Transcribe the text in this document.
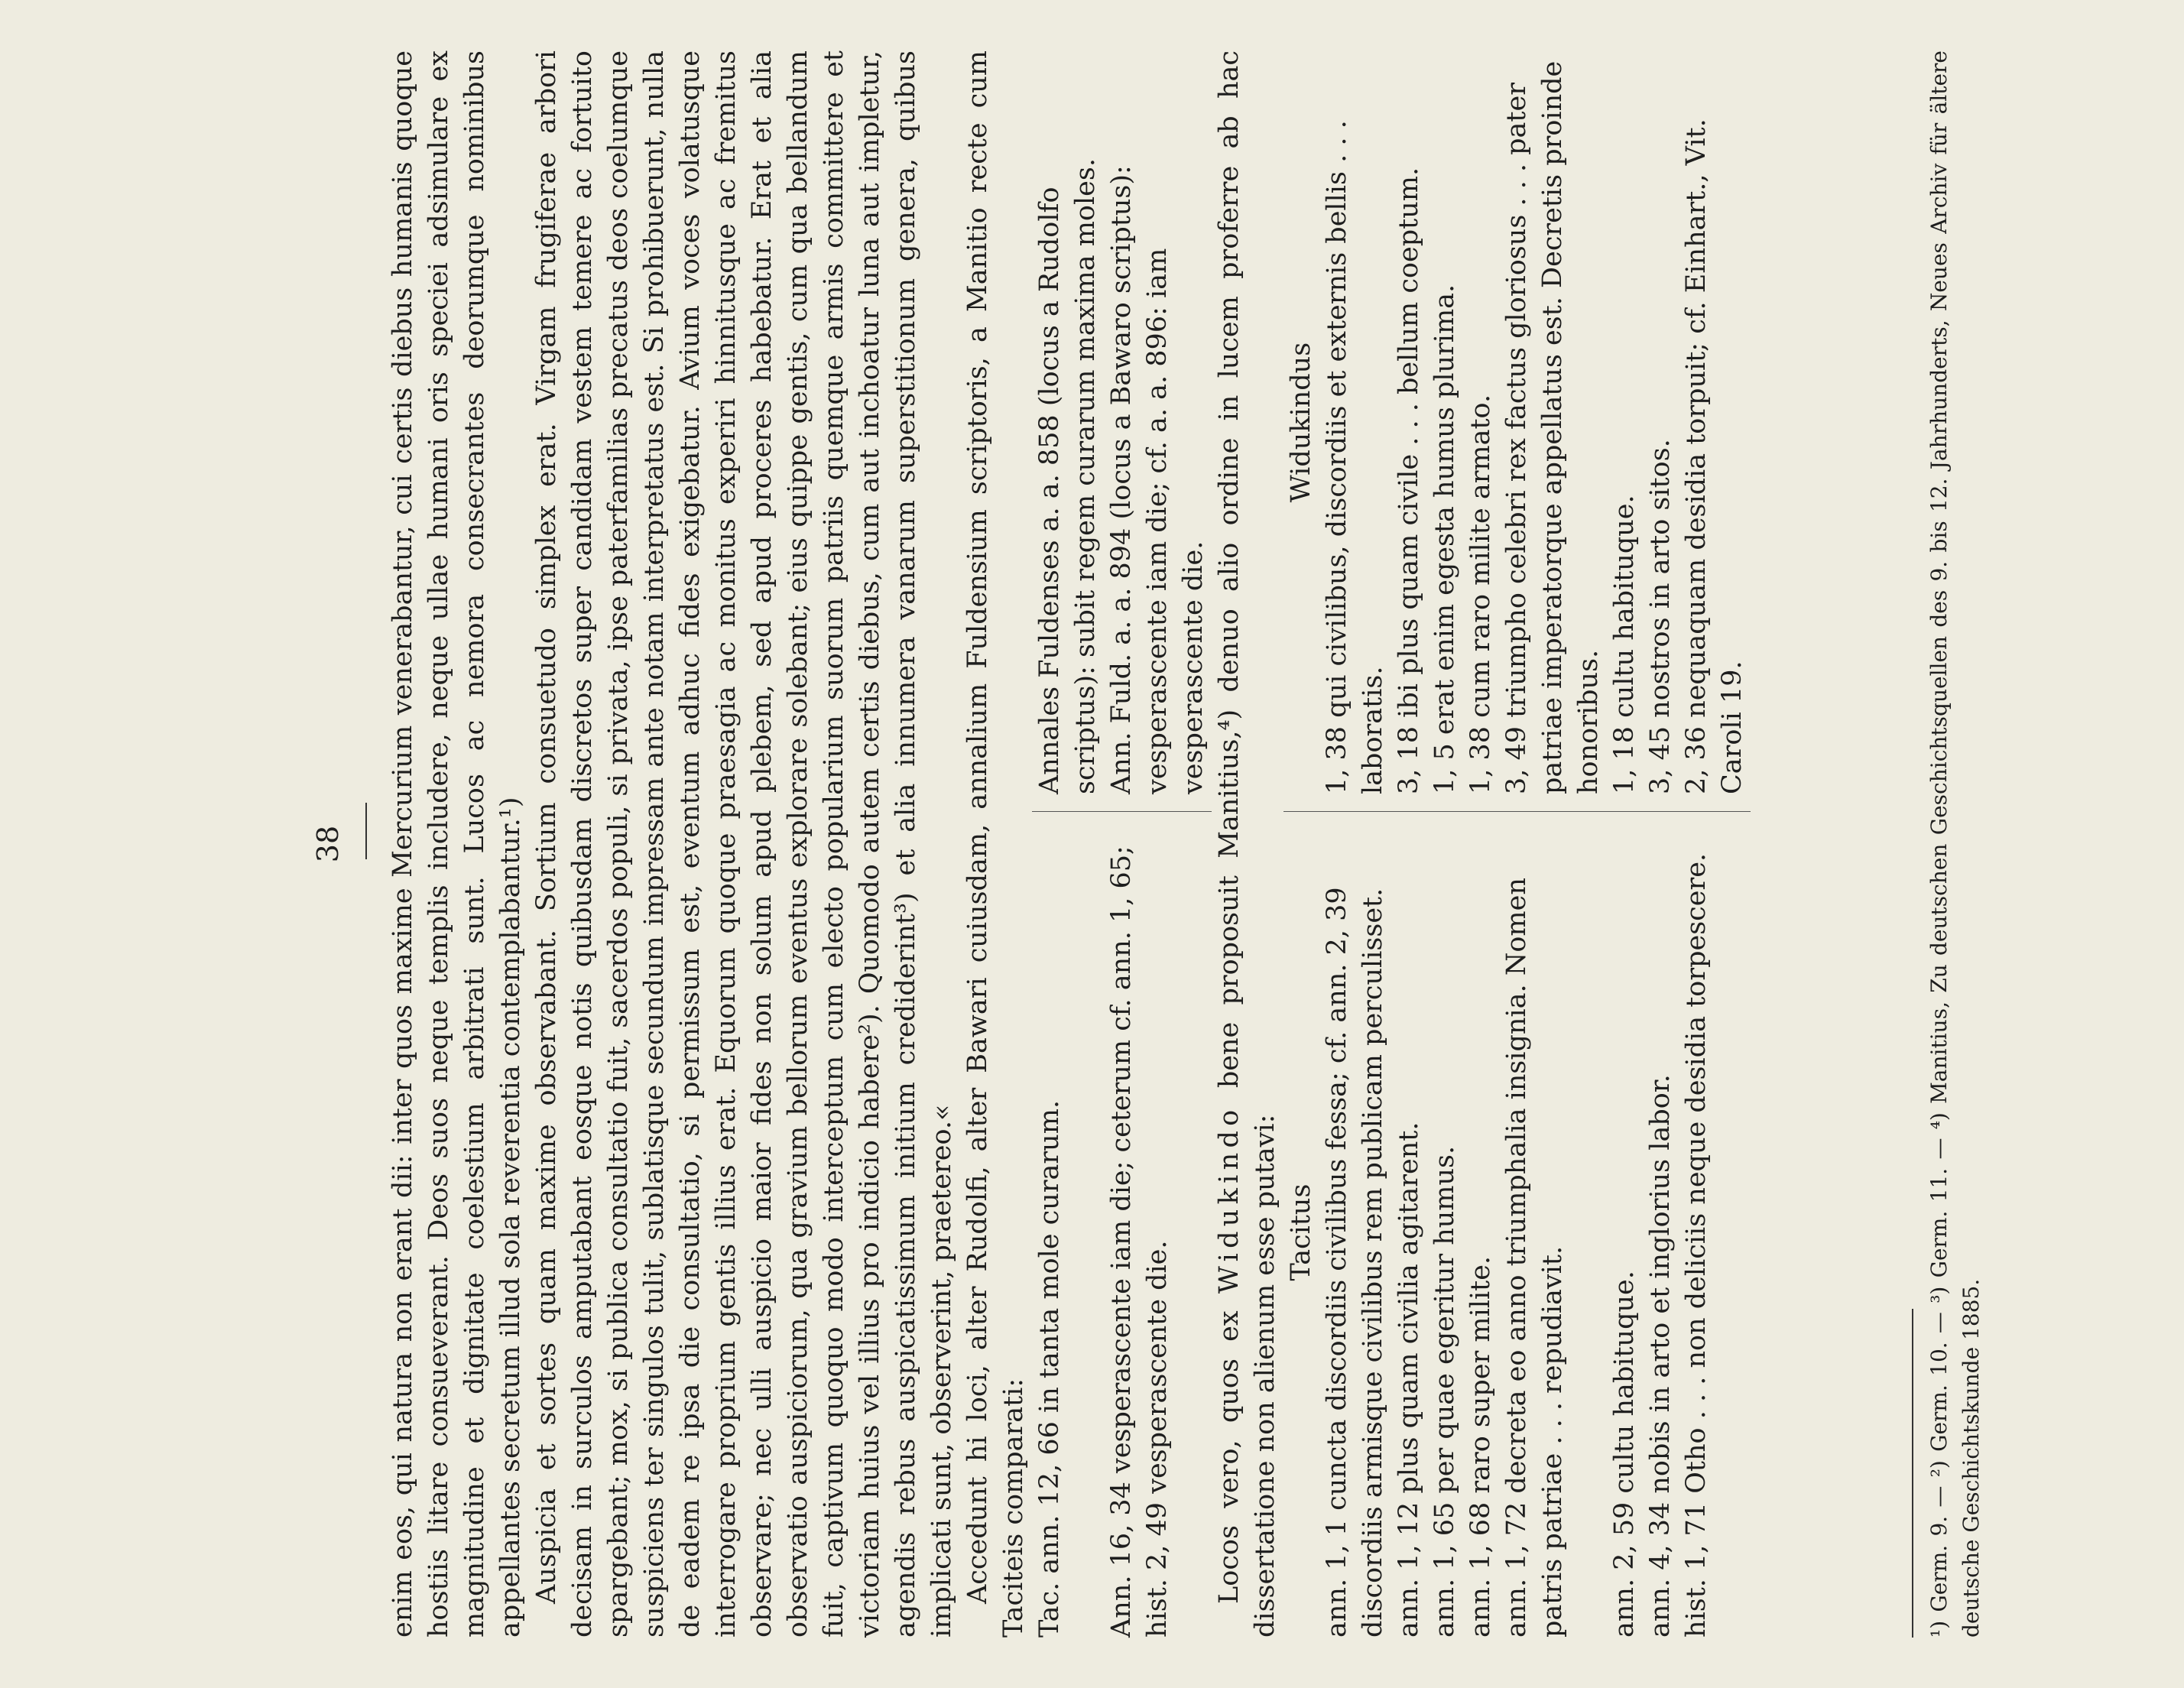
38 enim eos, qui natura non erant dii: inter quos maxime Mercurium venerabantur, cui certis diebus humanis quoque hostiis litare consueverant. Deos suos neque templis includere, neque ullae humani oris speciei adsimulare ex magnitudine et dignitate coelestium arbitrati sunt. Lucos ac nemora consecrantes deorumque nominibus appellantes secretum illud sola reverentia contemplabantur.¹) Auspicia et sortes quam maxime observabant. Sortium consuetudo simplex erat. Virgam frugiferae arbori decisam in surculos amputabant eosque notis quibusdam discretos super candidam vestem temere ac fortuito spargebant; mox, si publica consultatio fuit, sacerdos populi, si privata, ipse paterfamilias precatus deos coelumque suspiciens ter singulos tulit, sublatisque secundum impressam ante notam interpretatus est. Si prohibuerunt, nulla de eadem re ipsa die consultatio, si permissum est, eventum adhuc fides exigebatur. Avium voces volatusque interrogare proprium gentis illius erat. Equorum quoque praesagia ac monitus experiri hinnitusque ac fremitus observare; nec ulli auspicio maior fides non solum apud plebem, sed apud proceres habebatur. Erat et alia observatio auspiciorum, qua gravium bellorum eventus explorare solebant; eius quippe gentis, cum qua bellandum fuit, captivum quoquo modo interceptum cum electo popularium suorum patriis quemque armis committere et victoriam huius vel illius pro indicio habere²). Quomodo autem certis diebus, cum aut inchoatur luna aut impletur, agendis rebus auspicatissimum initium crediderint³) et alia innumera vanarum superstitionum genera, quibus implicati sunt, observerint, praetereo.« Accedunt hi loci, alter Rudolfi, alter Bawari cuiusdam, annalium Fuldensium scriptoris, a Manitio recte cum Taciteis comparati: Tac. ann. 12, 66 in tanta mole curarum.
Annales Fuldenses a. a. 858 (locus a Rudolfo scriptus): subit regem curarum maxima moles.
Ann. 16, 34 vesperascente iam die; ceterum cf. ann. 1, 65; hist. 2, 49 vesperascente die.
Ann. Fuld. a. a. 894 (locus a Bawaro scriptus): vesperascente iam die; cf. a. a. 896: iam vesperascente die.

Locos vero, quos ex Widukindo bene proposuit Manitius,⁴) denuo alio ordine in lucem proferre ab hac dissertatione non alienum esse putavi: Tacitus
Widukindus
ann. 1, 1 cuncta discordiis civilibus fessa; cf. ann. 2, 39 discordiis armisque civilibus rem publicam perculisset.
1, 38 qui civilibus, discordiis et externis bellis . . . laboratis.
ann. 1, 12 plus quam civilia agitarent.
3, 18 ibi plus quam civile . . . bellum coeptum.
ann. 1, 65 per quae egeritur humus.
1, 5 erat enim egesta humus plurima.
ann. 1, 68 raro super milite.
1, 38 cum raro milite armato.
ann. 1, 72 decreta eo anno triumphalia insignia. Nomen patris patriae . . . repudiavit.
3, 49 triumpho celebri rex factus gloriosus . . . pater patriae imperatorque appellatus est. Decretis proinde honoribus.
ann. 2, 59 cultu habituque.
1, 18 cultu habituque.
ann. 4, 34 nobis in arto et inglorius labor.
3, 45 nostros in arto sitos.
hist. 1, 71 Otho . . . non deliciis neque desidia torpescere.
2, 36 nequaquam desidia torpuit; cf. Einhart., Vit. Caroli 19.	¹) Germ. 9. — ²) Germ. 10. — ³) Germ. 11. — ⁴) Manitius, Zu deutschen Geschichtsquellen des 9. bis 12. Jahrhunderts, Neues Archiv für ältere deutsche Geschichtskunde 1885.
